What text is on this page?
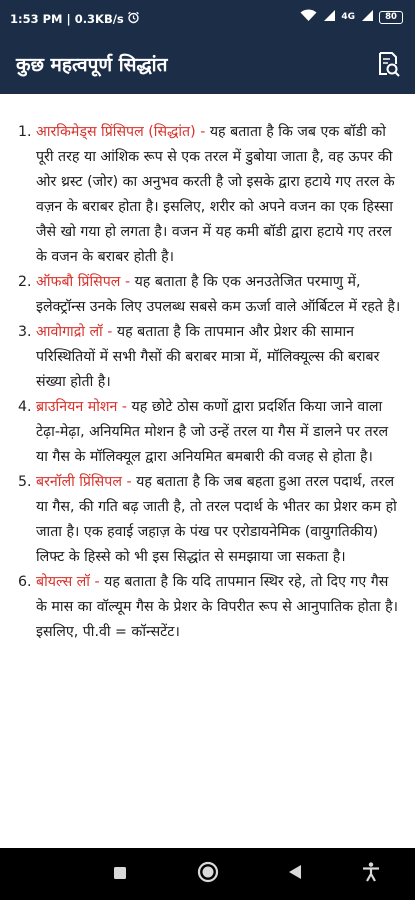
1:53 PM | 0.3KB/s	4G	80
कुछ महत्वपूर्ण सिद्धांत
1. आरकिमेड्स प्रिंसिपल (सिद्धांत) - यह बताता है कि जब एक बॉडी को पूरी तरह या आंशिक रूप से एक तरल में डुबोया जाता है, वह ऊपर की ओर थ्रस्ट (जोर) का अनुभव करती है जो इसके द्वारा हटाये गए तरल के वज़न के बराबर होता है। इसलिए, शरीर को अपने वजन का एक हिस्सा जैसे खो गया हो लगता है। वजन में यह कमी बॉडी द्वारा हटाये गए तरल के वजन के बराबर होती है।
2. ऑफबौ प्रिंसिपल - यह बताता है कि एक अनउतेजित परमाणु में, इलेक्ट्रॉन्स उनके लिए उपलब्ध सबसे कम ऊर्जा वाले ऑर्बिटल में रहते है।
3. आवोगाद्रो लॉ - यह बताता है कि तापमान और प्रेशर की सामान परिस्थितियों में सभी गैसों की बराबर मात्रा में, मॉलिक्यूल्स की बराबर संख्या होती है।
4. ब्राउनियन मोशन - यह छोटे ठोस कणों द्वारा प्रदर्शित किया जाने वाला टेढ़ा-मेढ़ा, अनियमित मोशन है जो उन्हें तरल या गैस में डालने पर तरल या गैस के मॉलिक्यूल द्वारा अनियमित बमबारी की वजह से होता है।
5. बरनॉली प्रिंसिपल - यह बताता है कि जब बहता हुआ तरल पदार्थ, तरल या गैस, की गति बढ़ जाती है, तो तरल पदार्थ के भीतर का प्रेशर कम हो जाता है। एक हवाई जहाज़ के पंख पर एरोडायनेमिक (वायुगतिकीय) लिफ्ट के हिस्से को भी इस सिद्धांत से समझाया जा सकता है।
6. बोयल्स लॉ - यह बताता है कि यदि तापमान स्थिर रहे, तो दिए गए गैस के मास का वॉल्यूम गैस के प्रेशर के विपरीत रूप से आनुपातिक होता है। इसलिए, पी.वी = कॉन्सटेंट।
